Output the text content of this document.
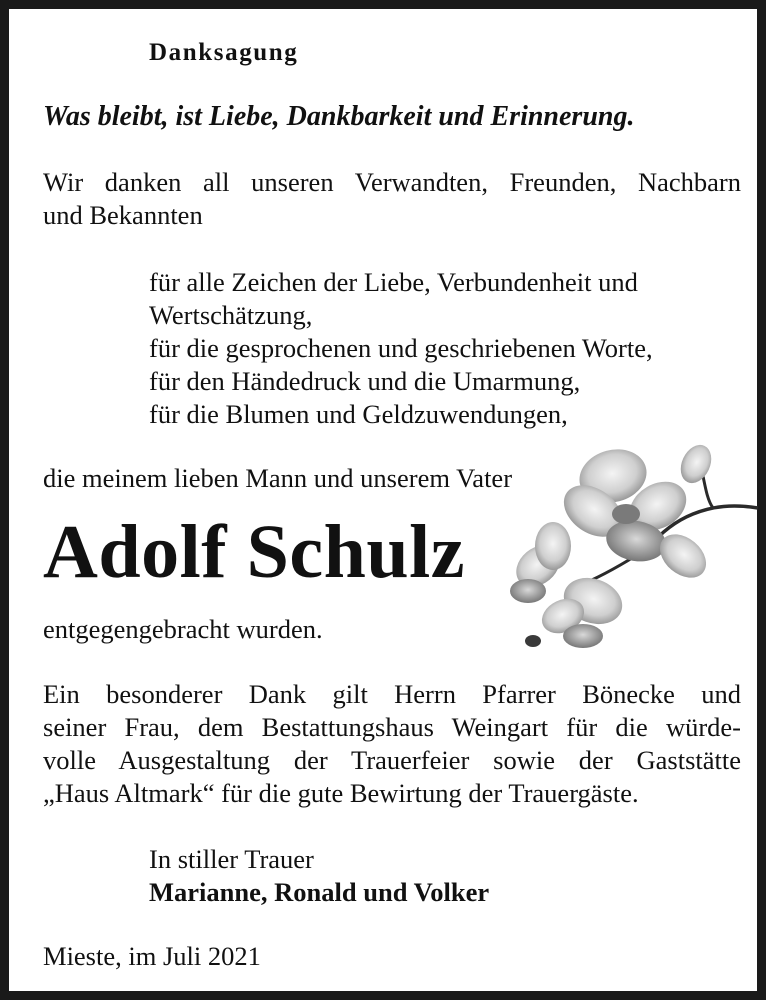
Danksagung

Was bleibt, ist Liebe, Dankbarkeit und Erinnerung.

Wir danken all unseren Verwandten, Freunden, Nachbarn
und Bekannten

für alle Zeichen der Liebe, Verbundenheit und
Wertschätzung,
für die gesprochenen und geschriebenen Worte,
für den Händedruck und die Umarmung,
für die Blumen und Geldzuwendungen,

die meinem lieben Mann und unserem Vater

Adolf Schulz

entgegengebracht wurden.

Ein besonderer Dank gilt Herrn Pfarrer Bönecke und
seiner Frau, dem Bestattungshaus Weingart für die würde-
volle Ausgestaltung der Trauerfeier sowie der Gaststätte
„Haus Altmark“ für die gute Bewirtung der Trauergäste.

In stiller Trauer
Marianne, Ronald und Volker

Mieste, im Juli 2021
